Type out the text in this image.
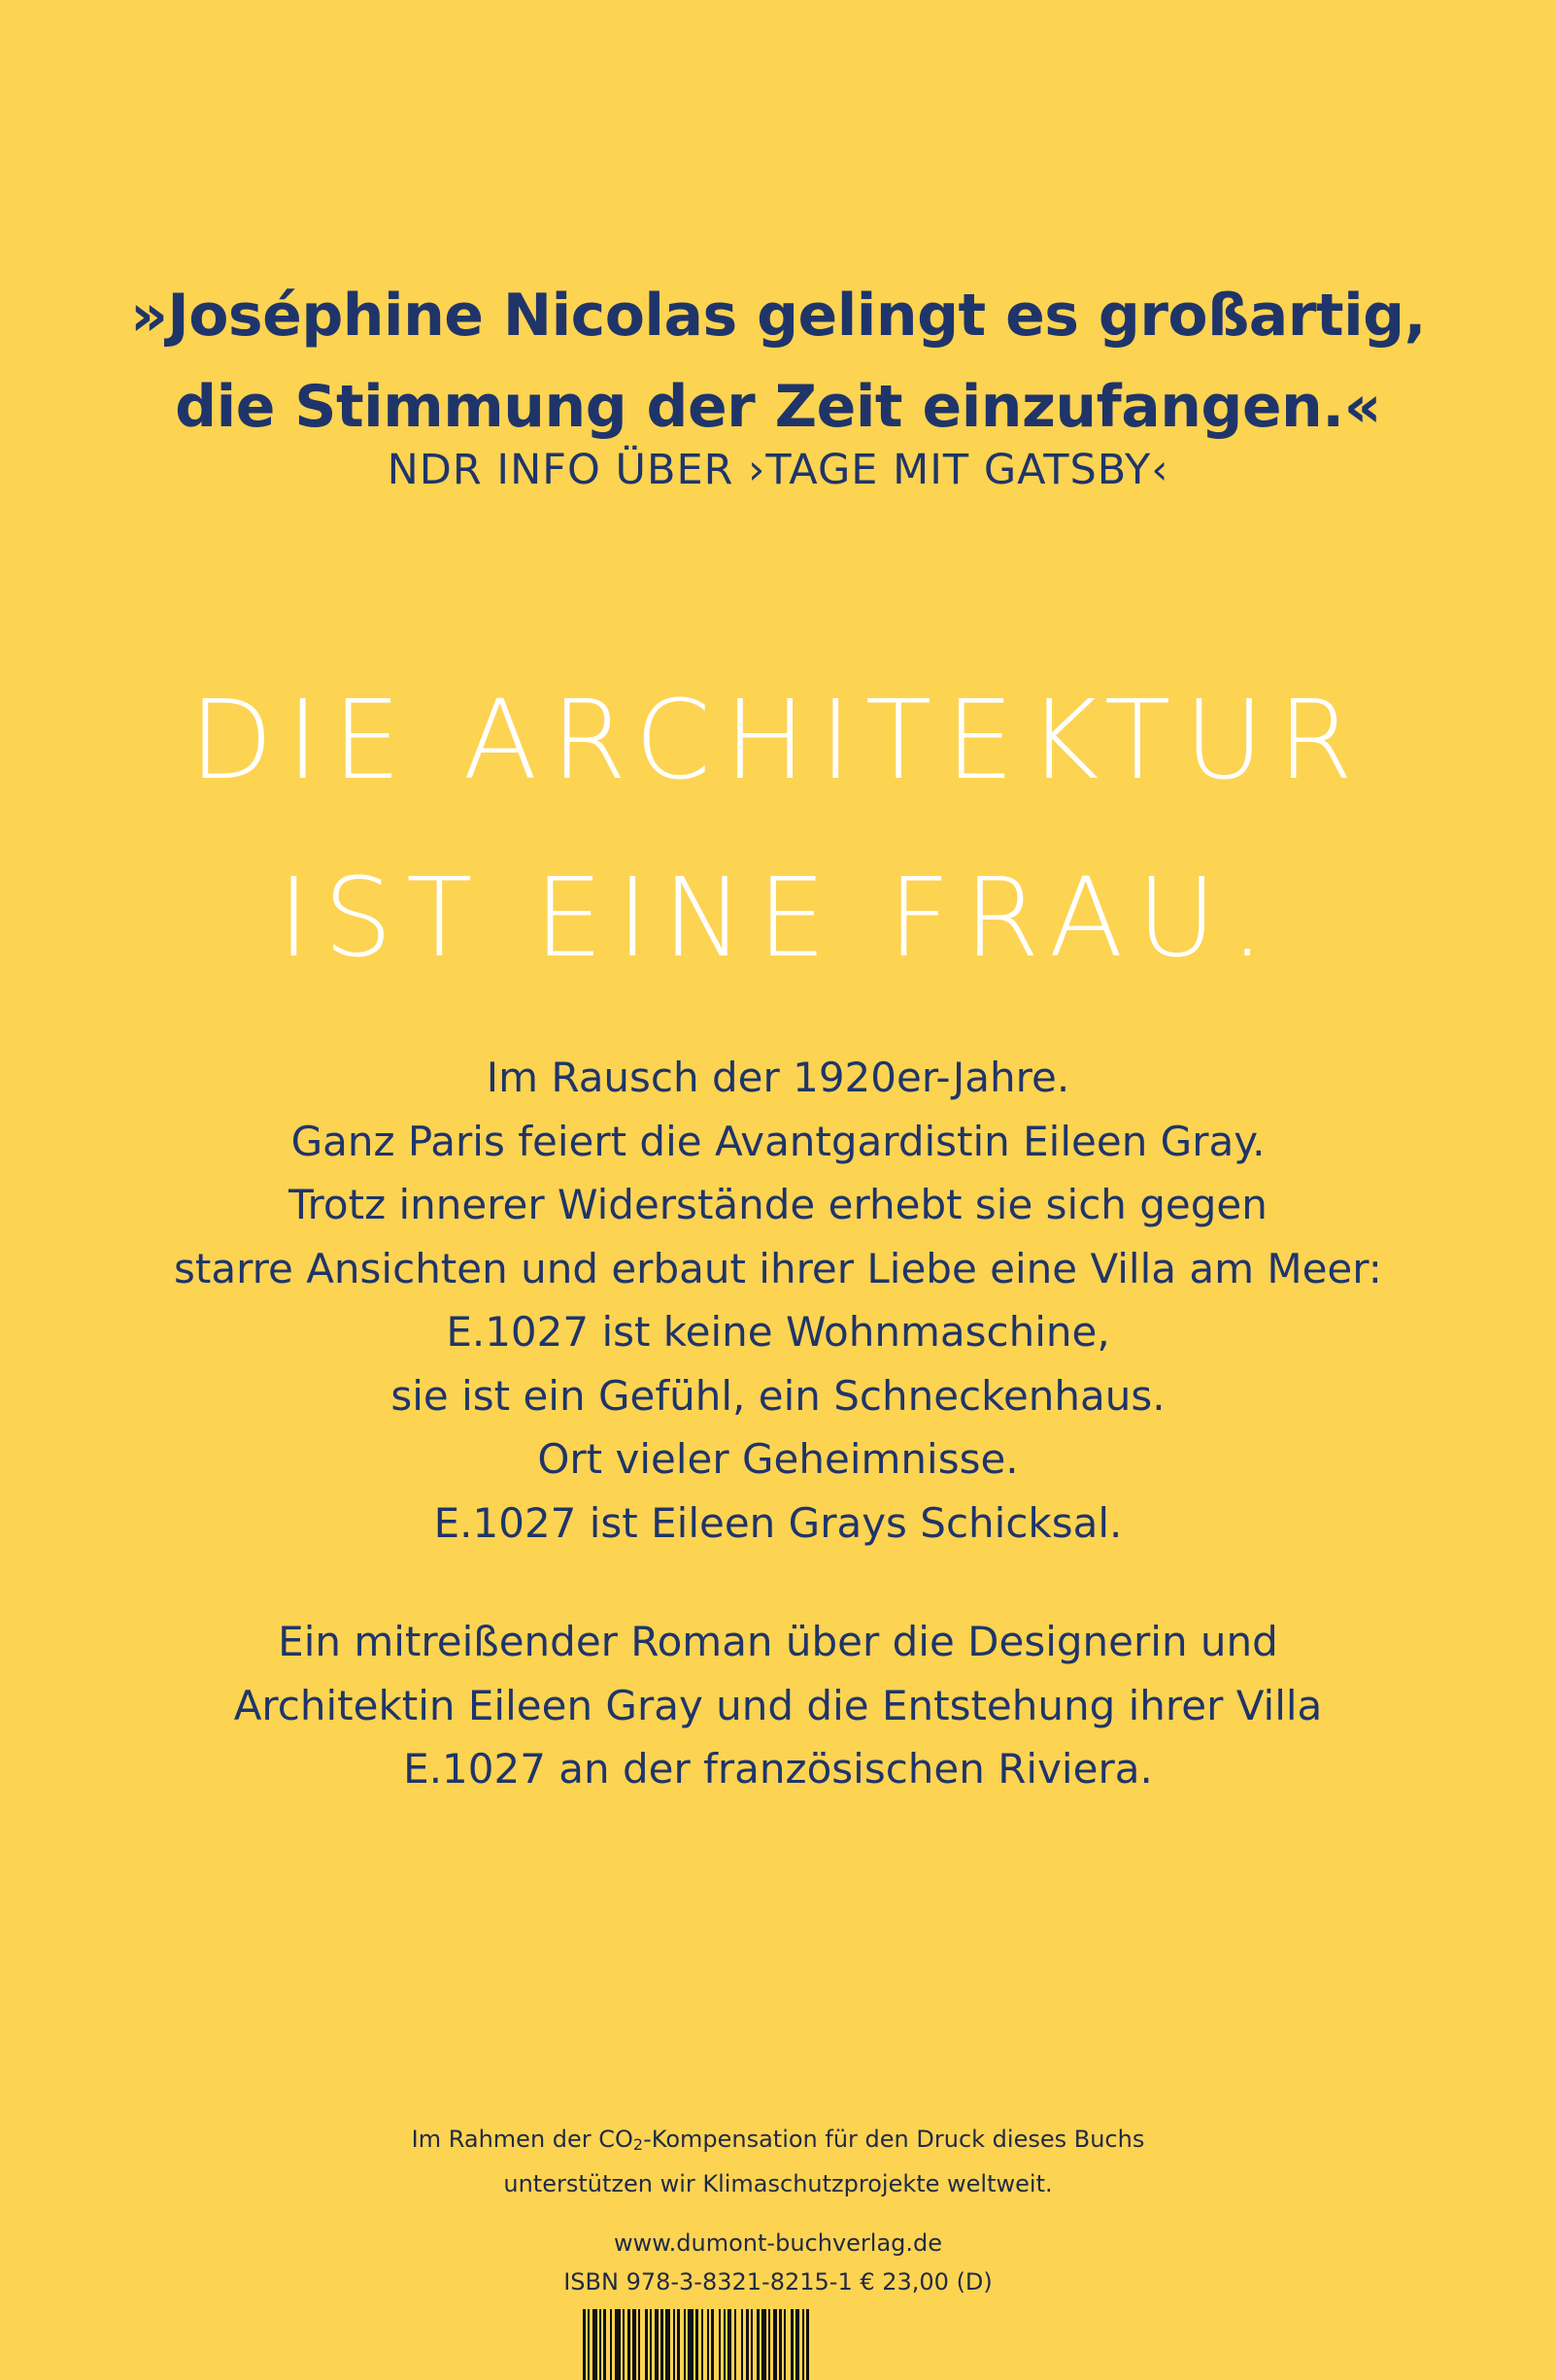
»Joséphine Nicolas gelingt es großartig,
die Stimmung der Zeit einzufangen.«
NDR INFO ÜBER ›TAGE MIT GATSBY‹
DIE ARCHITEKTUR
IST EINE FRAU.
Im Rausch der 1920er-Jahre.
Ganz Paris feiert die Avantgardistin Eileen Gray.
Trotz innerer Widerstände erhebt sie sich gegen
starre Ansichten und erbaut ihrer Liebe eine Villa am Meer:
E.1027 ist keine Wohnmaschine,
sie ist ein Gefühl, ein Schneckenhaus.
Ort vieler Geheimnisse.
E.1027 ist Eileen Grays Schicksal.
Ein mitreißender Roman über die Designerin und
Architektin Eileen Gray und die Entstehung ihrer Villa
E.1027 an der französischen Riviera.
Im Rahmen der $CO_2$-Kompensation für den Druck dieses Buchs
unterstützen wir Klimaschutzprojekte weltweit.
www.dumont-buchverlag.de
ISBN 978-3-8321-8215-1 € 23,00 (D)
